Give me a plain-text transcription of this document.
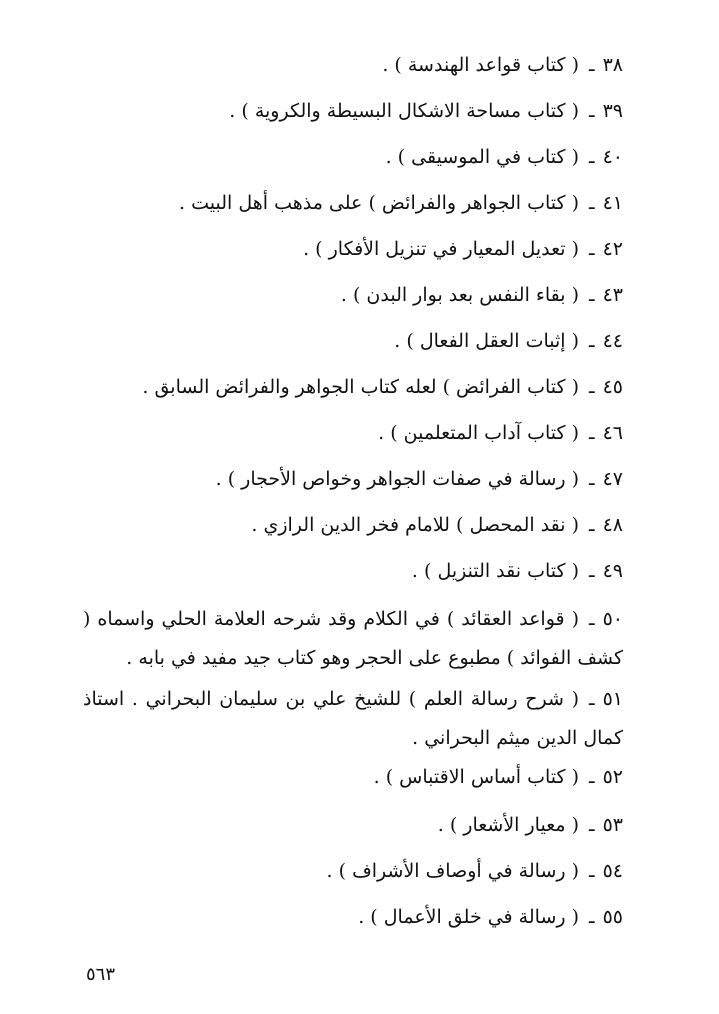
٣٨ـ( كتاب قواعد الهندسة ) .
٣٩ـ( كتاب مساحة الاشكال البسيطة والكروية ) .
٤٠ـ( كتاب في الموسيقى ) .
٤١ـ( كتاب الجواهر والفرائض ) على مذهب أهل البيت .
٤٢ـ( تعديل المعيار في تنزيل الأفكار ) .
٤٣ـ( بقاء النفس بعد بوار البدن ) .
٤٤ـ( إثبات العقل الفعال ) .
٤٥ـ( كتاب الفرائض ) لعله كتاب الجواهر والفرائض السابق .
٤٦ـ( كتاب آداب المتعلمين ) .
٤٧ـ( رسالة في صفات الجواهر وخواص الأحجار ) .
٤٨ـ( نقد المحصل ) للامام فخر الدين الرازي .
٤٩ـ( كتاب نقد التنزيل ) .
٥٠ـ( قواعد العقائد ) في الكلام وقد شرحه العلامة الحلي واسماه ( كشف الفوائد ) مطبوع على الحجر وهو كتاب جيد مفيد في بابه .
٥١ـ( شرح رسالة العلم ) للشيخ علي بن سليمان البحراني . استاذ كمال الدين ميثم البحراني .
٥٢ـ( كتاب أساس الاقتباس ) .
٥٣ـ( معيار الأشعار ) .
٥٤ـ( رسالة في أوصاف الأشراف ) .
٥٥ـ( رسالة في خلق الأعمال ) .
٥٦٣
